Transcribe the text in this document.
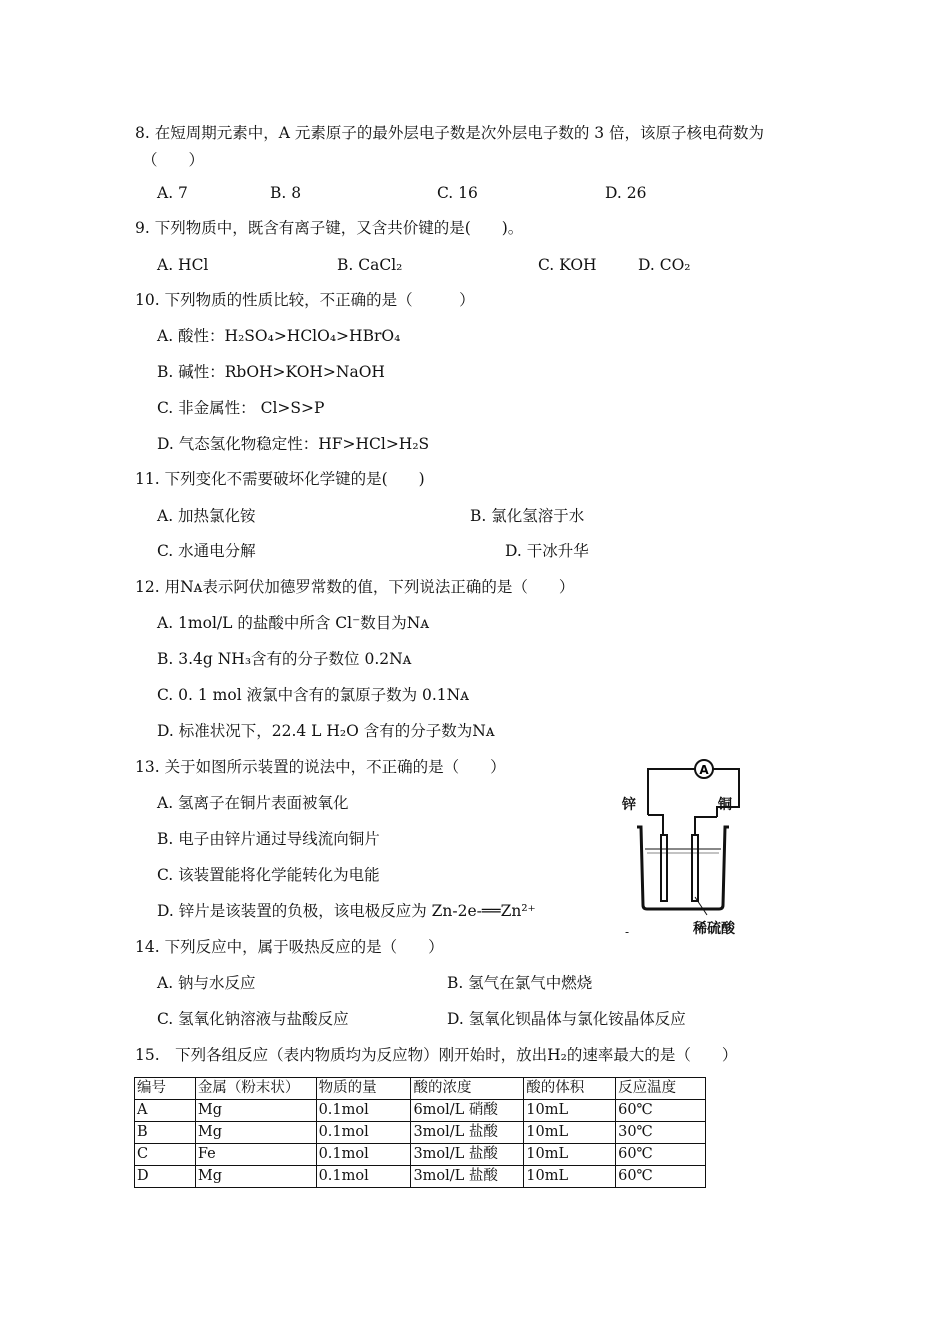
8. 在短周期元素中，A 元素原子的最外层电子数是次外层电子数的 3 倍，该原子核电荷数为
（　　）
A. 7	B. 8	C. 16	D. 26
9. 下列物质中，既含有离子键，又含共价键的是(　　)。
A. HCl	B. CaCl₂	C. KOH	D. CO₂
10. 下列物质的性质比较，不正确的是（　　　）
A. 酸性：H₂SO₄>HClO₄>HBrO₄
B. 碱性：RbOH>KOH>NaOH
C. 非金属性： Cl>S>P
D. 气态氢化物稳定性：HF>HCl>H₂S
11. 下列变化不需要破坏化学键的是(　　)
A. 加热氯化铵	B. 氯化氢溶于水
C. 水通电分解	D. 干冰升华
12. 用Nᴀ表示阿伏加德罗常数的值，下列说法正确的是（　　）
A. 1mol/L 的盐酸中所含 Cl⁻数目为Nᴀ
B. 3.4g NH₃含有的分子数位 0.2Nᴀ
C. 0. 1 mol 液氯中含有的氯原子数为 0.1Nᴀ
D. 标准状况下，22.4 L H₂O 含有的分子数为Nᴀ
13. 关于如图所示装置的说法中，不正确的是（　　）
A. 氢离子在铜片表面被氧化
B. 电子由锌片通过导线流向铜片
C. 该装置能将化学能转化为电能
D. 锌片是该装置的负极，该电极反应为 Zn-2e-══Zn²⁺
A
锌	铜
稀硫酸
-
14. 下列反应中，属于吸热反应的是（　　）
A. 钠与水反应	B. 氢气在氯气中燃烧
C. 氢氧化钠溶液与盐酸反应	D. 氢氧化钡晶体与氯化铵晶体反应
15.　下列各组反应（表内物质均为反应物）刚开始时，放出H₂的速率最大的是（　　）
编号	金属（粉末状）	物质的量	酸的浓度	酸的体积	反应温度
A	Mg	0.1mol	6mol/L 硝酸	10mL	60℃
B	Mg	0.1mol	3mol/L 盐酸	10mL	30℃
C	Fe	0.1mol	3mol/L 盐酸	10mL	60℃
D	Mg	0.1mol	3mol/L 盐酸	10mL	60℃
